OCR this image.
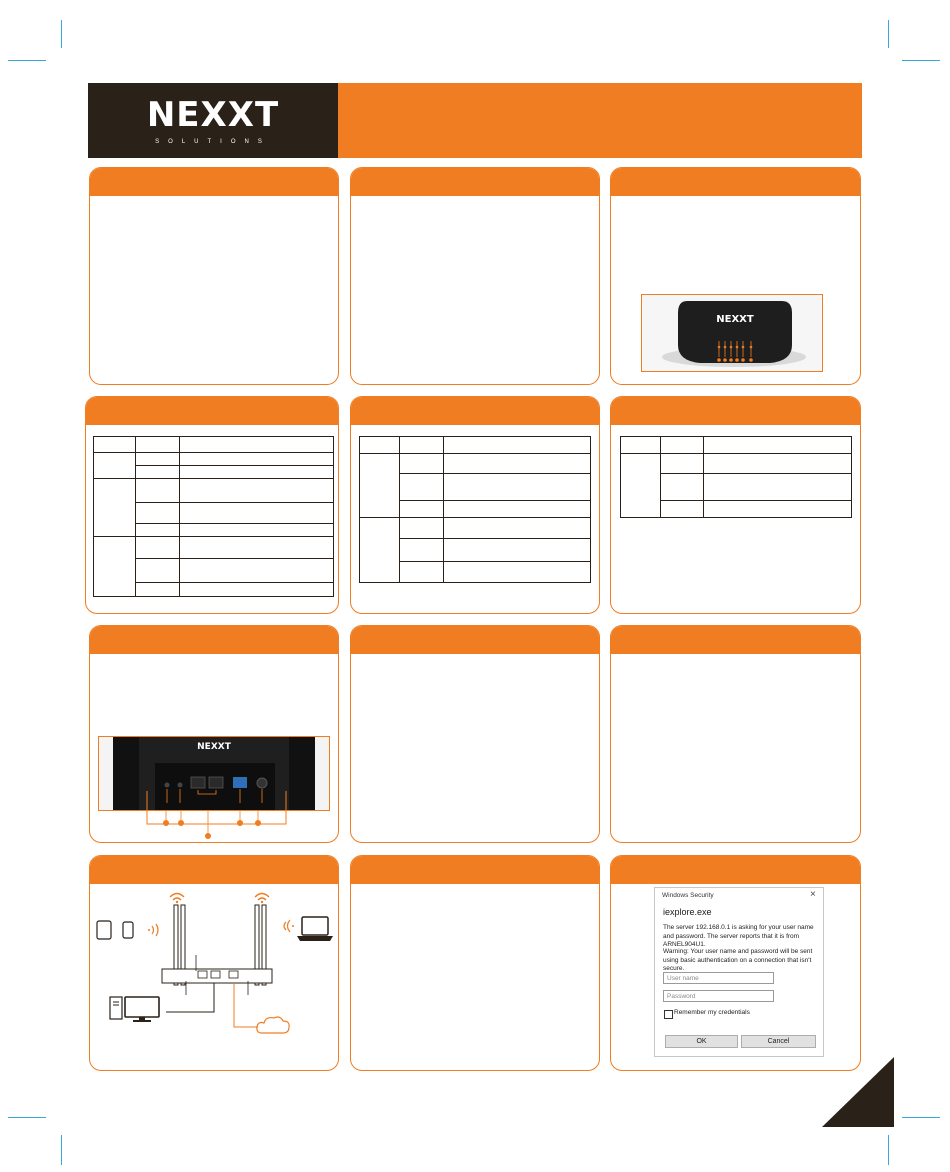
NEXXT
SOLUTIONS
NEXXT

NEXXT
Windows Security	×
iexplore.exe
The server 192.168.0.1 is asking for your user name and password. The server reports that it is from ARNEL904U1.
Warning: Your user name and password will be sent using basic authentication on a connection that isn't secure.
User name
Password
Remember my credentials
OK	Cancel
